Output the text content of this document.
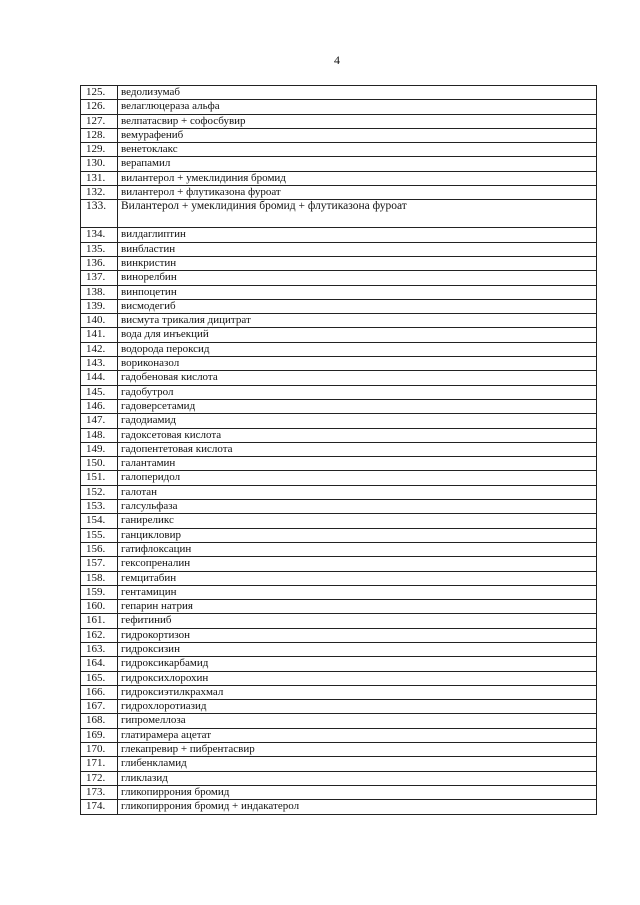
4
125.	ведолизумаб
126.	велаглюцераза альфа
127.	велпатасвир + софосбувир
128.	вемурафениб
129.	венетоклакс
130.	верапамил
131.	вилантерол + умеклидиния бромид
132.	вилантерол + флутиказона фуроат
133.	Вилантерол + умеклидиния бромид + флутиказона фуроат
134.	вилдаглиптин
135.	винбластин
136.	винкристин
137.	винорелбин
138.	винпоцетин
139.	висмодегиб
140.	висмута трикалия дицитрат
141.	вода для инъекций
142.	водорода пероксид
143.	вориконазол
144.	гадобеновая кислота
145.	гадобутрол
146.	гадоверсетамид
147.	гадодиамид
148.	гадоксетовая кислота
149.	гадопентетовая кислота
150.	галантамин
151.	галоперидол
152.	галотан
153.	галсульфаза
154.	ганиреликс
155.	ганцикловир
156.	гатифлоксацин
157.	гексопреналин
158.	гемцитабин
159.	гентамицин
160.	гепарин натрия
161.	гефитиниб
162.	гидрокортизон
163.	гидроксизин
164.	гидроксикарбамид
165.	гидроксихлорохин
166.	гидроксиэтилкрахмал
167.	гидрохлоротиазид
168.	гипромеллоза
169.	глатирамера ацетат
170.	глекапревир + пибрентасвир
171.	глибенкламид
172.	гликлазид
173.	гликопиррония бромид
174.	гликопиррония бромид + индакатерол
